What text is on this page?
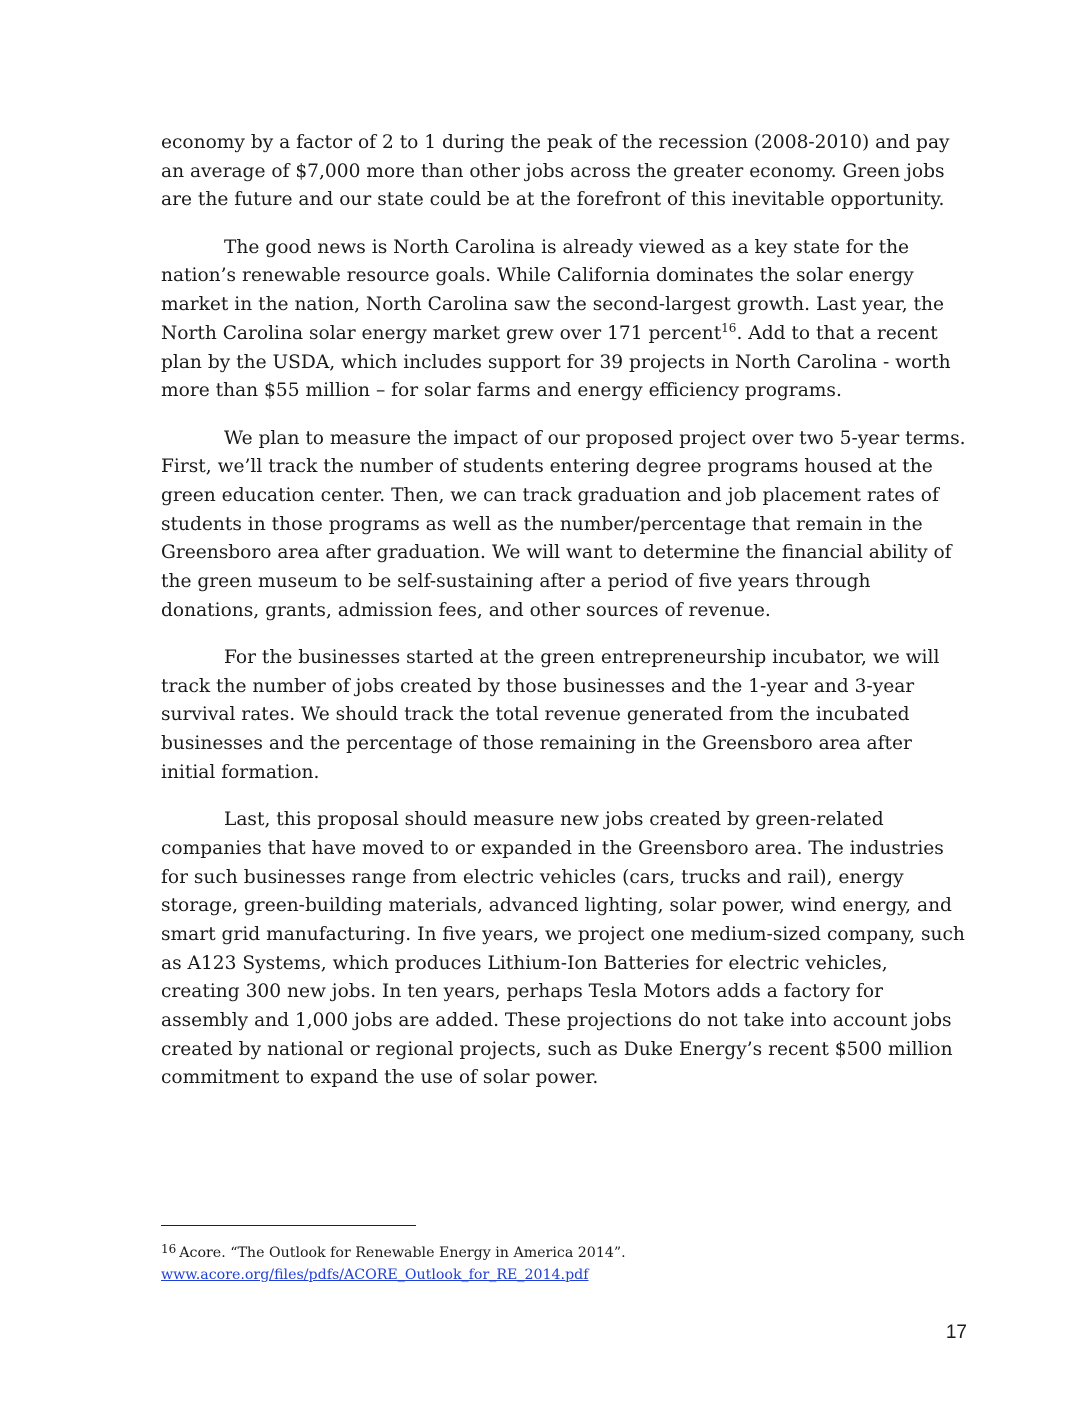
economy by a factor of 2 to 1 during the peak of the recession (2008-2010) and pay an average of $7,000 more than other jobs across the greater economy. Green jobs are the future and our state could be at the forefront of this inevitable opportunity.

The good news is North Carolina is already viewed as a key state for the nation’s renewable resource goals. While California dominates the solar energy market in the nation, North Carolina saw the second-largest growth. Last year, the North Carolina solar energy market grew over 171 percent$^{16}$. Add to that a recent plan by the USDA, which includes support for 39 projects in North Carolina - worth more than $55 million – for solar farms and energy efficiency programs.

We plan to measure the impact of our proposed project over two 5-year terms. First, we’ll track the number of students entering degree programs housed at the green education center. Then, we can track graduation and job placement rates of students in those programs as well as the number/percentage that remain in the Greensboro area after graduation. We will want to determine the financial ability of the green museum to be self-sustaining after a period of five years through donations, grants, admission fees, and other sources of revenue.

For the businesses started at the green entrepreneurship incubator, we will track the number of jobs created by those businesses and the 1-year and 3-year survival rates. We should track the total revenue generated from the incubated businesses and the percentage of those remaining in the Greensboro area after initial formation.

Last, this proposal should measure new jobs created by green-related companies that have moved to or expanded in the Greensboro area. The industries for such businesses range from electric vehicles (cars, trucks and rail), energy storage, green-building materials, advanced lighting, solar power, wind energy, and smart grid manufacturing. In five years, we project one medium-sized company, such as A123 Systems, which produces Lithium-Ion Batteries for electric vehicles, creating 300 new jobs. In ten years, perhaps Tesla Motors adds a factory for assembly and 1,000 jobs are added. These projections do not take into account jobs created by national or regional projects, such as Duke Energy’s recent $500 million commitment to expand the use of solar power.

$^{16}$ Acore. “The Outlook for Renewable Energy in America 2014”.
www.acore.org/files/pdfs/ACORE_Outlook_for_RE_2014.pdf
17
